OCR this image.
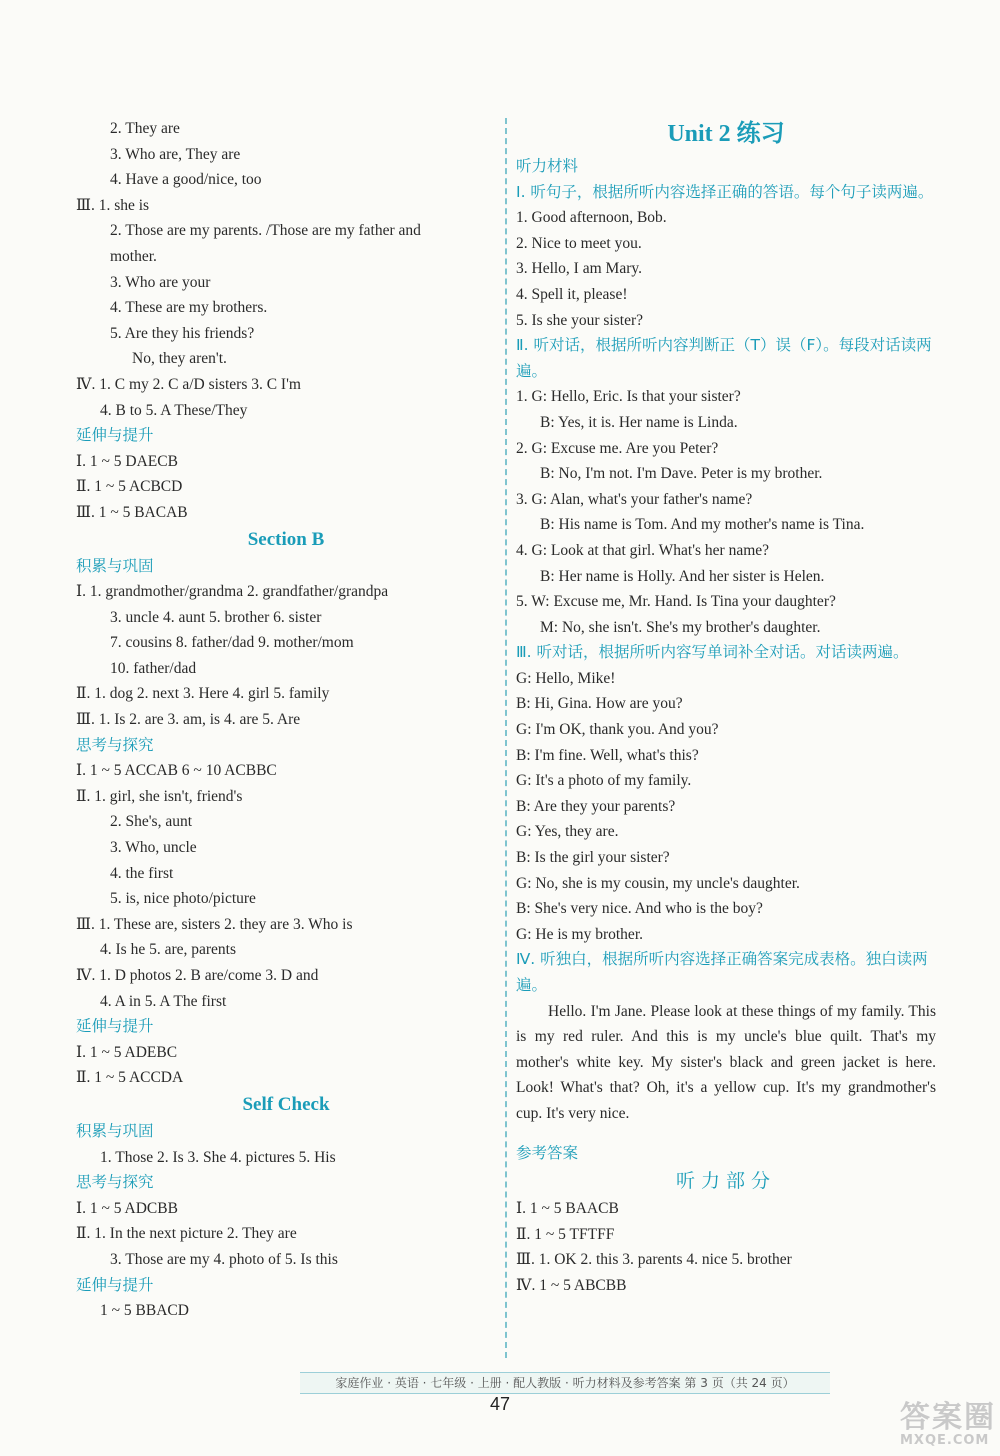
2. They are
3. Who are, They are
4. Have a good/nice, too
Ⅲ. 1. she is
2. Those are my parents. /Those are my father and
mother.
3. Who are your
4. These are my brothers.
5. Are they his friends?
No, they aren't.
Ⅳ. 1. C my 2. C a/D sisters 3. C I'm
4. B to 5. A These/They
延伸与提升
Ⅰ. 1 ~ 5 DAECB
Ⅱ. 1 ~ 5 ACBCD
Ⅲ. 1 ~ 5 BACAB
Section B
积累与巩固
Ⅰ. 1. grandmother/grandma 2. grandfather/grandpa
3. uncle 4. aunt 5. brother 6. sister
7. cousins 8. father/dad 9. mother/mom
10. father/dad
Ⅱ. 1. dog 2. next 3. Here 4. girl 5. family
Ⅲ. 1. Is 2. are 3. am, is 4. are 5. Are
思考与探究
Ⅰ. 1 ~ 5 ACCAB 6 ~ 10 ACBBC
Ⅱ. 1. girl, she isn't, friend's
2. She's, aunt
3. Who, uncle
4. the first
5. is, nice photo/picture
Ⅲ. 1. These are, sisters 2. they are 3. Who is
4. Is he 5. are, parents
Ⅳ. 1. D photos 2. B are/come 3. D and
4. A in 5. A The first
延伸与提升
Ⅰ. 1 ~ 5 ADEBC
Ⅱ. 1 ~ 5 ACCDA
Self Check
积累与巩固
1. Those 2. Is 3. She 4. pictures 5. His
思考与探究
Ⅰ. 1 ~ 5 ADCBB
Ⅱ. 1. In the next picture 2. They are
3. Those are my 4. photo of 5. Is this
延伸与提升
1 ~ 5 BBACD
Unit 2 练习
听力材料
Ⅰ. 听句子，根据所听内容选择正确的答语。每个句子读两遍。
1. Good afternoon, Bob.
2. Nice to meet you.
3. Hello, I am Mary.
4. Spell it, please!
5. Is she your sister?
Ⅱ. 听对话，根据所听内容判断正（T）误（F）。每段对话读两遍。
1. G: Hello, Eric. Is that your sister?
B: Yes, it is. Her name is Linda.
2. G: Excuse me. Are you Peter?
B: No, I'm not. I'm Dave. Peter is my brother.
3. G: Alan, what's your father's name?
B: His name is Tom. And my mother's name is Tina.
4. G: Look at that girl. What's her name?
B: Her name is Holly. And her sister is Helen.
5. W: Excuse me, Mr. Hand. Is Tina your daughter?
M: No, she isn't. She's my brother's daughter.
Ⅲ. 听对话，根据所听内容写单词补全对话。对话读两遍。
G: Hello, Mike!
B: Hi, Gina. How are you?
G: I'm OK, thank you. And you?
B: I'm fine. Well, what's this?
G: It's a photo of my family.
B: Are they your parents?
G: Yes, they are.
B: Is the girl your sister?
G: No, she is my cousin, my uncle's daughter.
B: She's very nice. And who is the boy?
G: He is my brother.
Ⅳ. 听独白，根据所听内容选择正确答案完成表格。独白读两遍。
Hello. I'm Jane. Please look at these things of my family. This is my red ruler. And this is my uncle's blue quilt. That's my mother's white key. My sister's black and green jacket is here. Look! What's that? Oh, it's a yellow cup. It's my grandmother's cup. It's very nice.
参考答案
听力部分
Ⅰ. 1 ~ 5 BAACB
Ⅱ. 1 ~ 5 TFTFF
Ⅲ. 1. OK 2. this 3. parents 4. nice 5. brother
Ⅳ. 1 ~ 5 ABCBB
家庭作业 · 英语 · 七年级 · 上册 · 配人教版 · 听力材料及参考答案 第 3 页（共 24 页）
47	答案圈
MXQE.COM
